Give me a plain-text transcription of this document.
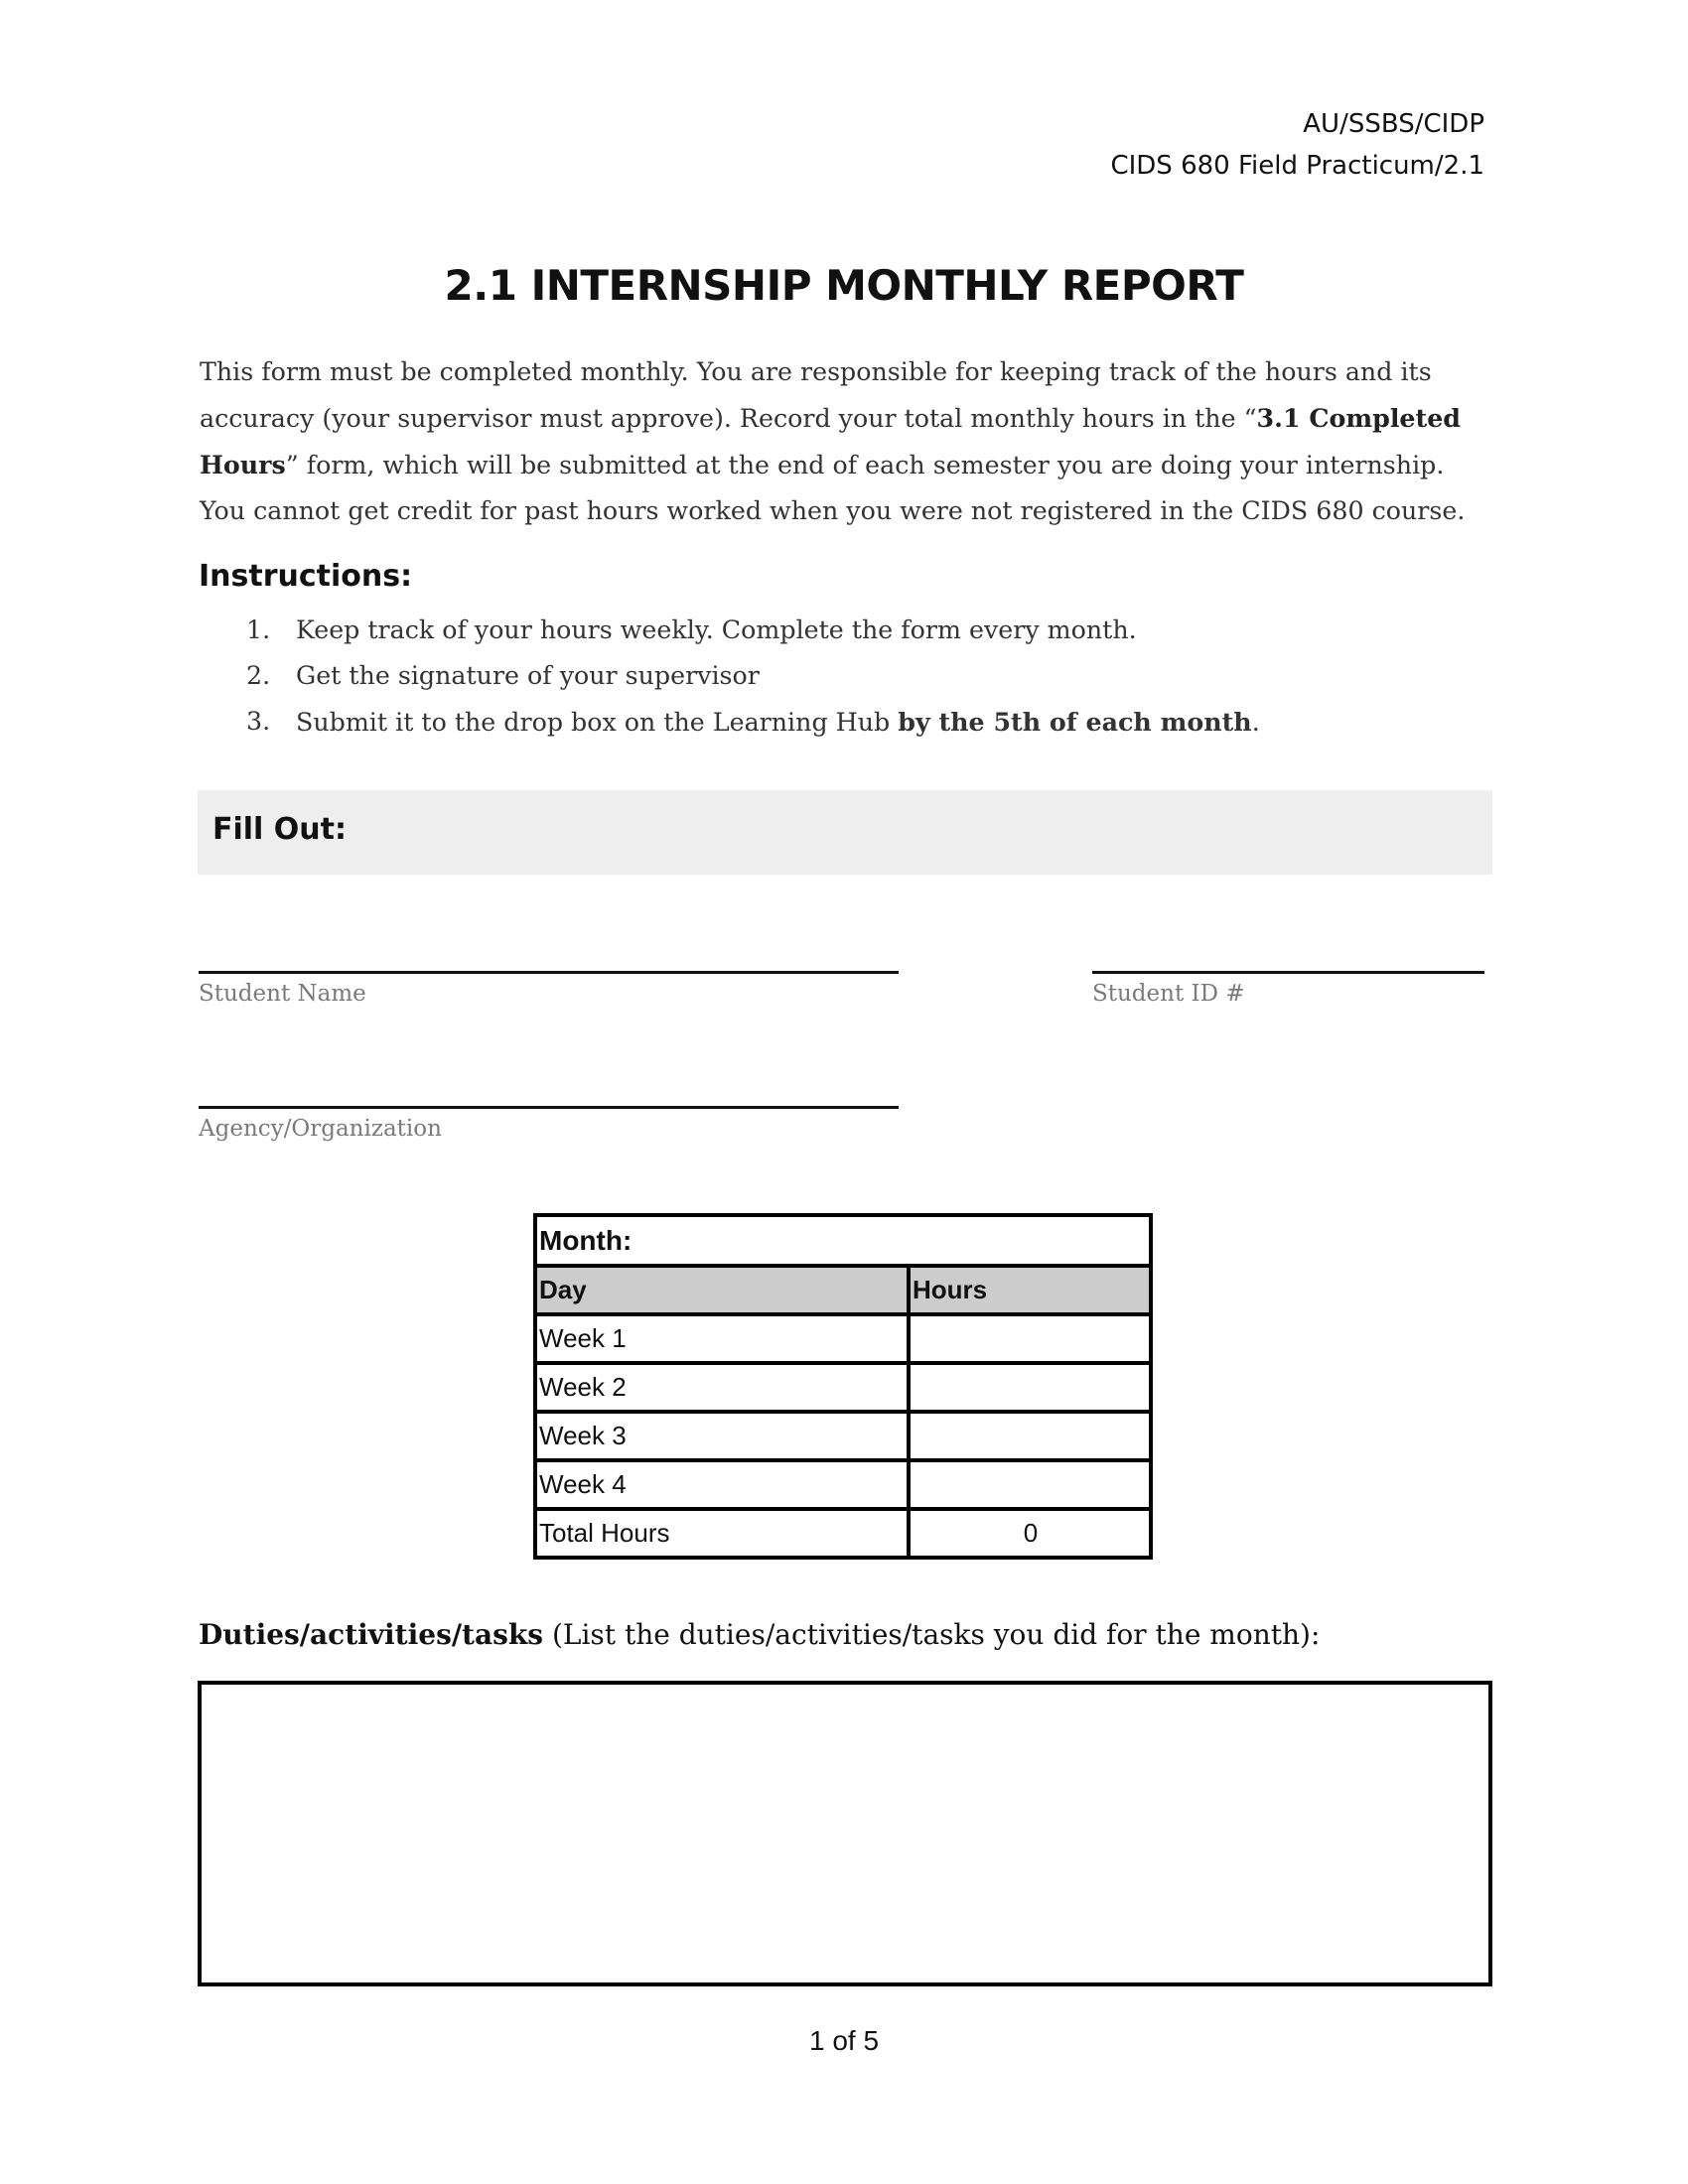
AU/SSBS/CIDP
CIDS 680 Field Practicum/2.1
2.1 INTERNSHIP MONTHLY REPORT
This form must be completed monthly. You are responsible for keeping track of the hours and its accuracy (your supervisor must approve). Record your total monthly hours in the “3.1 Completed Hours” form, which will be submitted at the end of each semester you are doing your internship. You cannot get credit for past hours worked when you were not registered in the CIDS 680 course.
Instructions:
1. Keep track of your hours weekly. Complete the form every month.
2. Get the signature of your supervisor
3. Submit it to the drop box on the Learning Hub by the 5th of each month.
Fill Out:
Student Name	Student ID #
Agency/Organization
Month:	
Day	Hours
Week 1	
Week 2	
Week 3	
Week 4	
Total Hours	0
Duties/activities/tasks (List the duties/activities/tasks you did for the month):
1 of 5
